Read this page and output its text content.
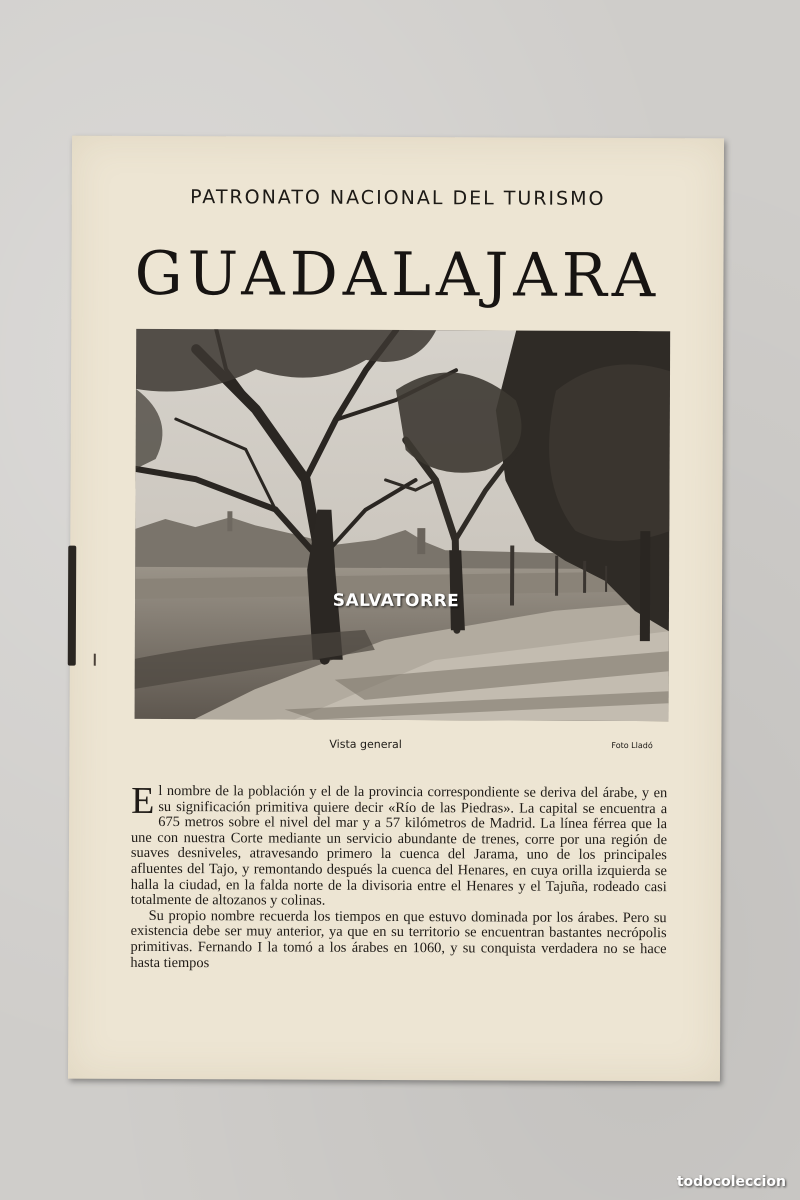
PATRONATO NACIONAL DEL TURISMO
GUADALAJARA
SALVATORRE
Vista general	Foto Lladó

El nombre de la población y el de la provincia correspondiente se deriva del árabe, y en su significación primitiva quiere decir «Río de las Piedras». La capital se encuentra a 675 metros sobre el nivel del mar y a 57 kilómetros de Madrid. La línea férrea que la une con nuestra Corte mediante un servicio abundante de trenes, corre por una región de suaves desniveles, atravesando primero la cuenca del Jarama, uno de los principales afluentes del Tajo, y remontando después la cuenca del Henares, en cuya orilla izquierda se halla la ciudad, en la falda norte de la divisoria entre el Henares y el Tajuña, rodeado casi totalmente de altozanos y colinas.

Su propio nombre recuerda los tiempos en que estuvo dominada por los árabes. Pero su existencia debe ser muy anterior, ya que en su territorio se encuentran bastantes necrópolis primitivas. Fernando I la tomó a los árabes en 1060, y su conquista verdadera no se hace hasta tiempos

todocoleccion
